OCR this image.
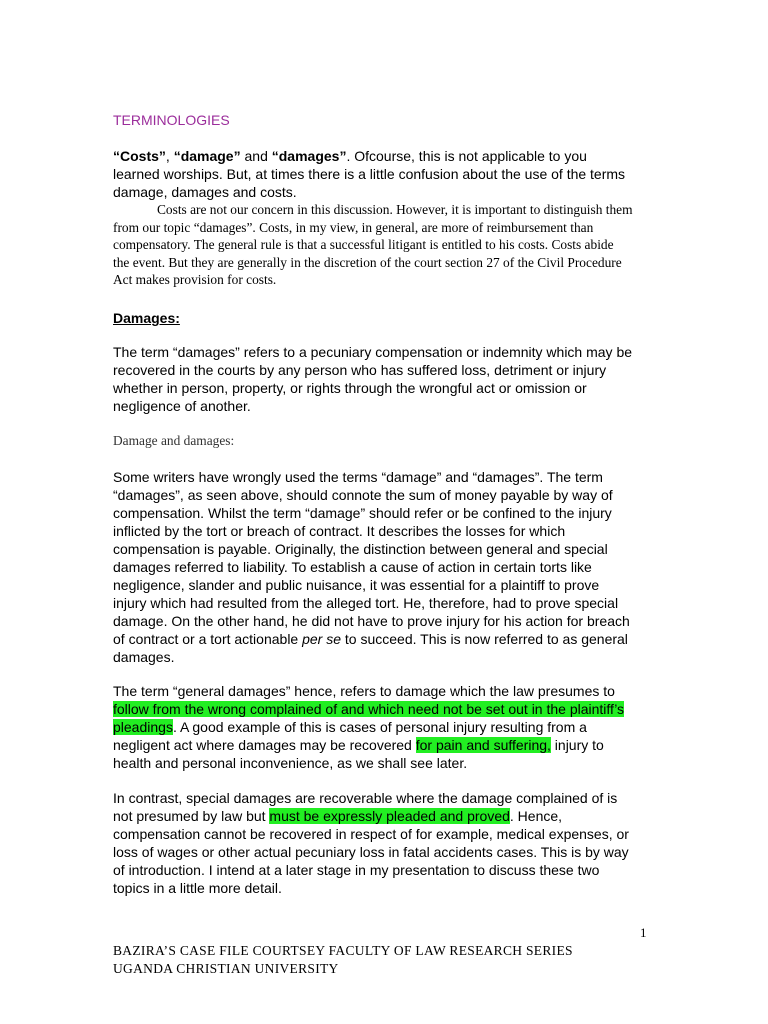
TERMINOLOGIES

“Costs”, “damage” and “damages”. Ofcourse, this is not applicable to you learned worships. But, at times there is a little confusion about the use of the terms damage, damages and costs.

Costs are not our concern in this discussion. However, it is important to distinguish them from our topic “damages”. Costs, in my view, in general, are more of reimbursement than compensatory. The general rule is that a successful litigant is entitled to his costs. Costs abide the event. But they are generally in the discretion of the court section 27 of the Civil Procedure Act makes provision for costs.

Damages:

The term “damages” refers to a pecuniary compensation or indemnity which may be recovered in the courts by any person who has suffered loss, detriment or injury whether in person, property, or rights through the wrongful act or omission or negligence of another.

Damage and damages:

Some writers have wrongly used the terms “damage” and “damages”. The term “damages”, as seen above, should connote the sum of money payable by way of compensation. Whilst the term “damage” should refer or be confined to the injury inflicted by the tort or breach of contract. It describes the losses for which compensation is payable. Originally, the distinction between general and special damages referred to liability. To establish a cause of action in certain torts like negligence, slander and public nuisance, it was essential for a plaintiff to prove injury which had resulted from the alleged tort. He, therefore, had to prove special damage. On the other hand, he did not have to prove injury for his action for breach of contract or a tort actionable per se to succeed. This is now referred to as general damages.

The term “general damages” hence, refers to damage which the law presumes to follow from the wrong complained of and which need not be set out in the plaintiff’s pleadings. A good example of this is cases of personal injury resulting from a negligent act where damages may be recovered for pain and suffering, injury to health and personal inconvenience, as we shall see later.

In contrast, special damages are recoverable where the damage complained of is not presumed by law but must be expressly pleaded and proved. Hence, compensation cannot be recovered in respect of for example, medical expenses, or loss of wages or other actual pecuniary loss in fatal accidents cases. This is by way of introduction. I intend at a later stage in my presentation to discuss these two topics in a little more detail.

1
BAZIRA’S CASE FILE COURTSEY FACULTY OF LAW RESEARCH SERIES
UGANDA CHRISTIAN UNIVERSITY
